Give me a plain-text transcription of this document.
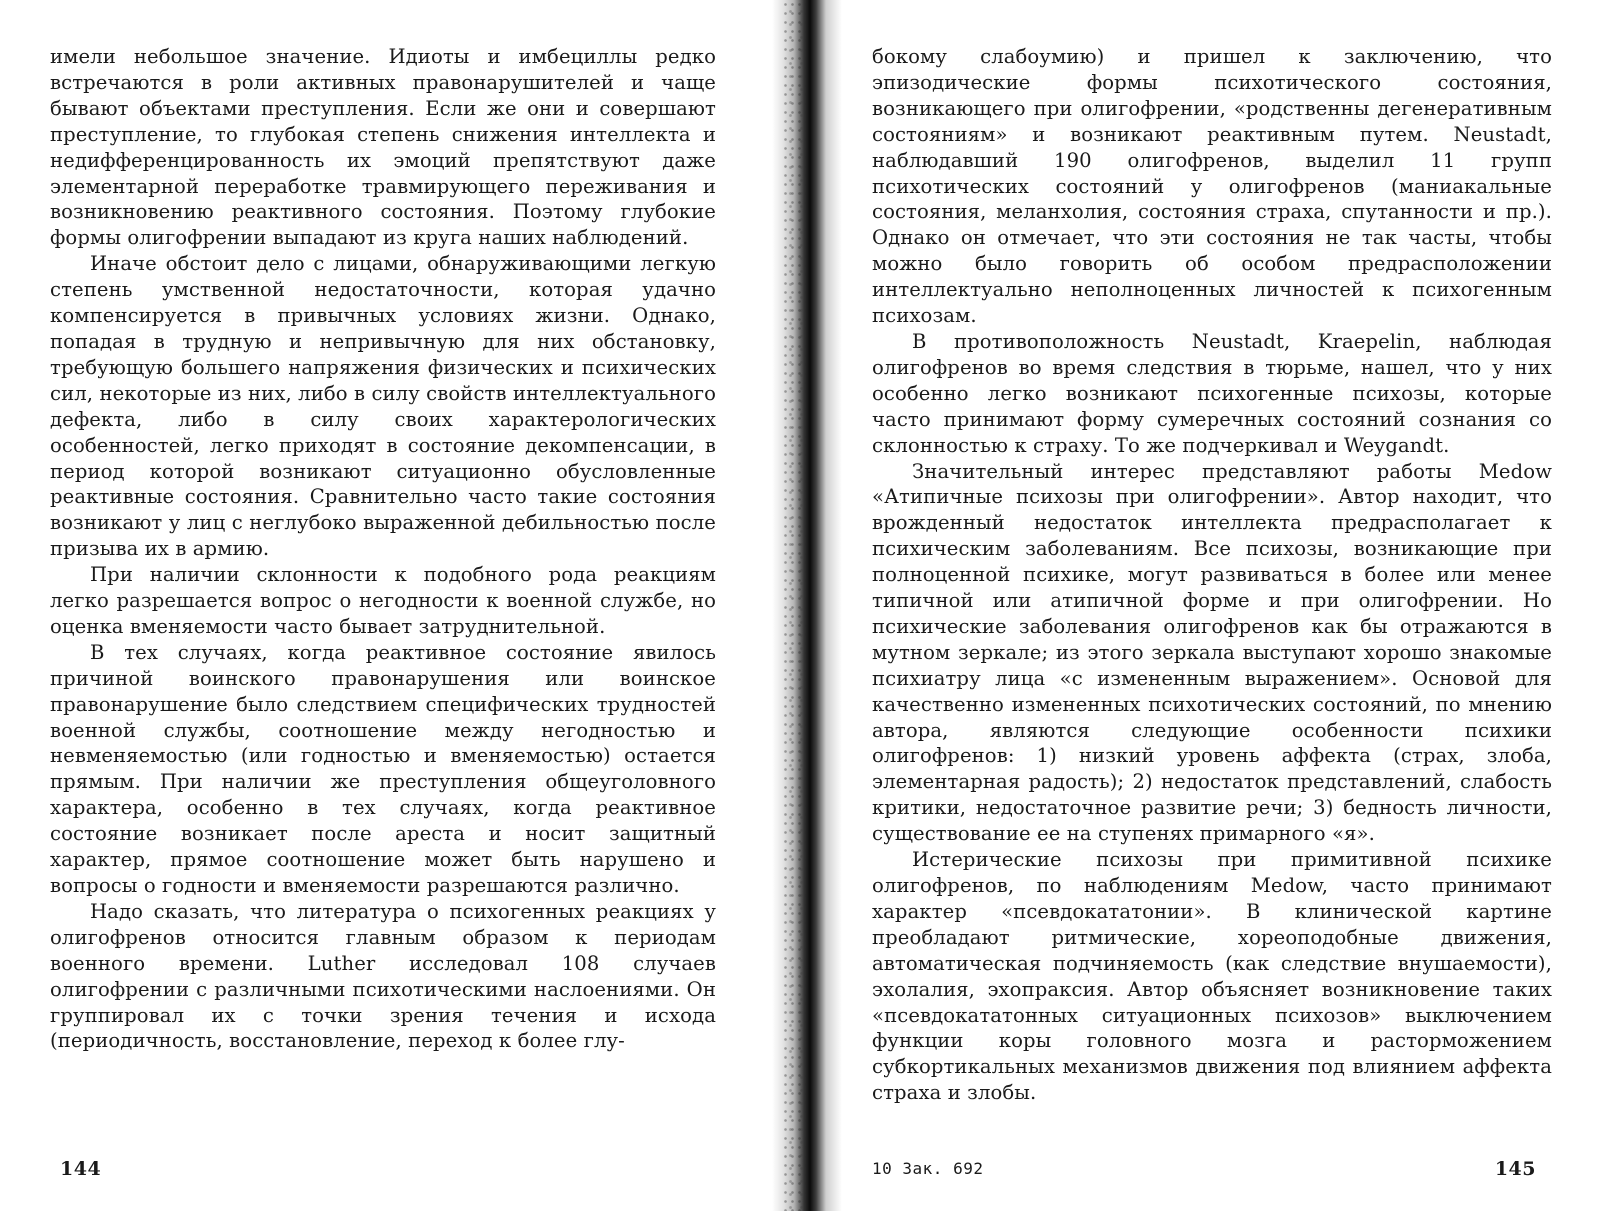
имели небольшое значение. Идиоты и имбециллы редко встречаются в роли активных правонарушителей и чаще бывают объектами преступления. Если же они и совершают преступление, то глубокая степень снижения интеллекта и недифференцированность их эмоций препятствуют даже элементарной переработке травмирующего переживания и возникновению реактивного состояния. Поэтому глубокие формы олигофрении выпадают из круга наших наблюдений.

Иначе обстоит дело с лицами, обнаруживающими легкую степень умственной недостаточности, которая удачно компенсируется в привычных условиях жизни. Однако, попадая в трудную и непривычную для них обстановку, требующую большего напряжения физических и психических сил, некоторые из них, либо в силу свойств интеллектуального дефекта, либо в силу своих характерологических особенностей, легко приходят в состояние декомпенсации, в период которой возникают ситуационно обусловленные реактивные состояния. Сравнительно часто такие состояния возникают у лиц с неглубоко выраженной дебильностью после призыва их в армию.

При наличии склонности к подобного рода реакциям легко разрешается вопрос о негодности к военной службе, но оценка вменяемости часто бывает затруднительной.

В тех случаях, когда реактивное состояние явилось причиной воинского правонарушения или воинское правонарушение было следствием специфических трудностей военной службы, соотношение между негодностью и невменяемостью (или годностью и вменяемостью) остается прямым. При наличии же преступления общеуголовного характера, особенно в тех случаях, когда реактивное состояние возникает после ареста и носит защитный характер, прямое соотношение может быть нарушено и вопросы о годности и вменяемости разрешаются различно.

Надо сказать, что литература о психогенных реакциях у олигофренов относится главным образом к периодам военного времени. Luther исследовал 108 случаев олигофрении с различными психотическими наслоениями. Он группировал их с точки зрения течения и исхода (периодичность, восстановление, переход к более глу-

144

бокому слабоумию) и пришел к заключению, что эпизодические формы психотического состояния, возникающего при олигофрении, «родственны дегенеративным состояниям» и возникают реактивным путем. Neustadt, наблюдавший 190 олигофренов, выделил 11 групп психотических состояний у олигофренов (маниакальные состояния, меланхолия, состояния страха, спутанности и пр.). Однако он отмечает, что эти состояния не так часты, чтобы можно было говорить об особом предрасположении интеллектуально неполноценных личностей к психогенным психозам.

В противоположность Neustadt, Kraepelin, наблюдая олигофренов во время следствия в тюрьме, нашел, что у них особенно легко возникают психогенные психозы, которые часто принимают форму сумеречных состояний сознания со склонностью к страху. То же подчеркивал и Weygandt.

Значительный интерес представляют работы Medow «Атипичные психозы при олигофрении». Автор находит, что врожденный недостаток интеллекта предрасполагает к психическим заболеваниям. Все психозы, возникающие при полноценной психике, могут развиваться в более или менее типичной или атипичной форме и при олигофрении. Но психические заболевания олигофренов как бы отражаются в мутном зеркале; из этого зеркала выступают хорошо знакомые психиатру лица «с измененным выражением». Основой для качественно измененных психотических состояний, по мнению автора, являются следующие особенности психики олигофренов: 1) низкий уровень аффекта (страх, злоба, элементарная радость); 2) недостаток представлений, слабость критики, недостаточное развитие речи; 3) бедность личности, существование ее на ступенях примарного «я».

Истерические психозы при примитивной психике олигофренов, по наблюдениям Medow, часто принимают характер «псевдокататонии». В клинической картине преобладают ритмические, хореоподобные движения, автоматическая подчиняемость (как следствие внушаемости), эхолалия, эхопраксия. Автор объясняет возникновение таких «псевдокататонных ситуационных психозов» выключением функции коры головного мозга и расторможением субкортикальных механизмов движения под влиянием аффекта страха и злобы.

10 Зак. 692	145
